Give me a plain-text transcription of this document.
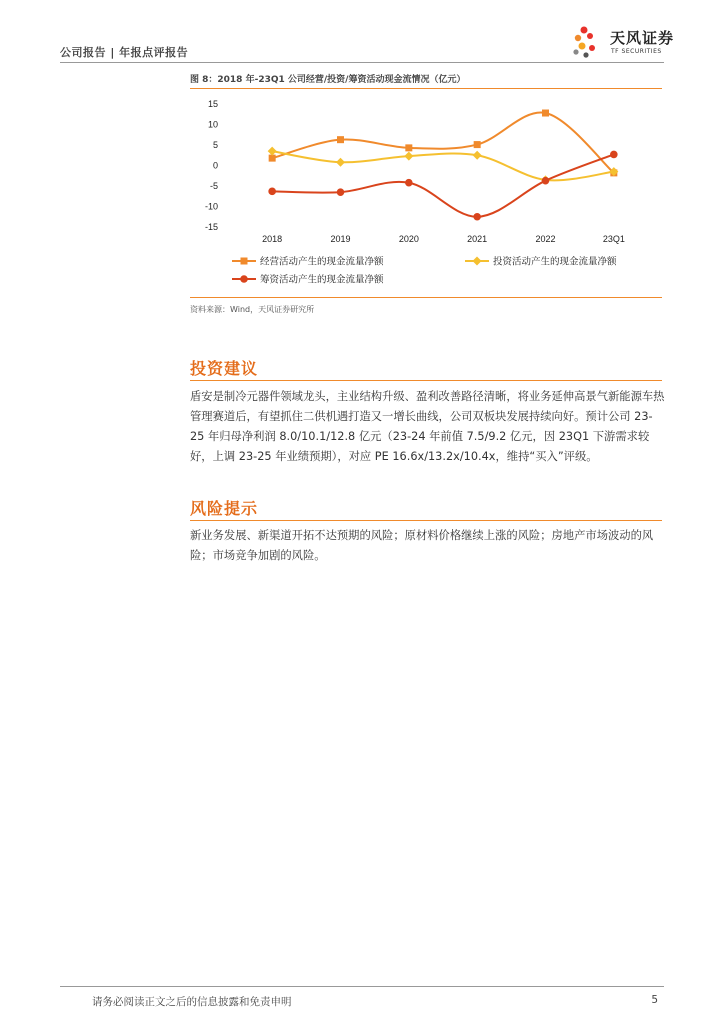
公司报告 | 年报点评报告
天风证券
TF SECURITIES
图 8：2018 年-23Q1 公司经营/投资/筹资活动现金流情况（亿元）
15
10
5
0
-5
-10
-15
2018	2019	2020	2021	2022	23Q1
经营活动产生的现金流量净额	投资活动产生的现金流量净额
筹资活动产生的现金流量净额
资料来源：Wind，天风证券研究所
投资建议
盾安是制冷元器件领域龙头，主业结构升级、盈利改善路径清晰，将业务延伸高景气新能源车热管理赛道后，有望抓住二供机遇打造又一增长曲线，公司双板块发展持续向好。预计公司 23-25 年归母净利润 8.0/10.1/12.8 亿元（23-24 年前值 7.5/9.2 亿元，因 23Q1 下游需求较好，上调 23-25 年业绩预期），对应 PE 16.6x/13.2x/10.4x，维持“买入”评级。
风险提示
新业务发展、新渠道开拓不达预期的风险；原材料价格继续上涨的风险；房地产市场波动的风险；市场竞争加剧的风险。
请务必阅读正文之后的信息披露和免责申明	5
